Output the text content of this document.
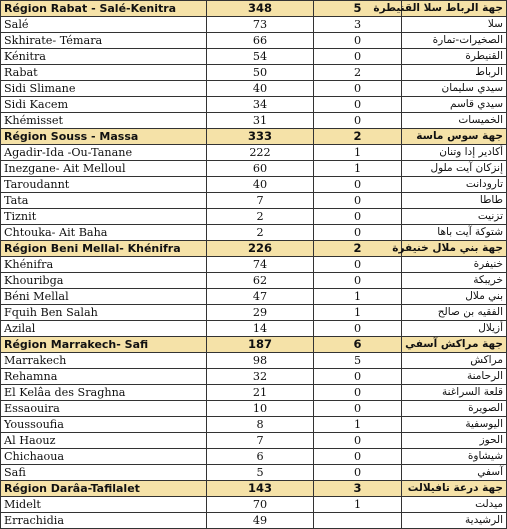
Région Rabat - Salé-Kenitra	348	5	جهة الرباط سلا القنيطرة
Salé	73	3	سلا
Skhirate- Témara	66	0	الصخيرات-تمارة
Kénitra	54	0	القنيطرة
Rabat	50	2	الرباط
Sidi Slimane	40	0	سيدي سليمان
Sidi Kacem	34	0	سيدي قاسم
Khémisset	31	0	الخميسات
Région Souss - Massa	333	2	جهة سوس ماسة
Agadir-Ida -Ou-Tanane	222	1	أكادير إدا وتنان
Inezgane- Ait Melloul	60	1	إنزكان آيت ملول
Taroudannt	40	0	تارودانت
Tata	7	0	طاطا
Tiznit	2	0	تزنيت
Chtouka- Ait Baha	2	0	شتوكة آيت باها
Région Beni Mellal- Khénifra	226	2	جهة بني ملال خنيفرة
Khénifra	74	0	خنيفرة
Khouribga	62	0	خريبكة
Béni Mellal	47	1	بني ملال
Fquih Ben Salah	29	1	الفقيه بن صالح
Azilal	14	0	أزيلال
Région Marrakech- Safi	187	6	جهة مراكش آسفي
Marrakech	98	5	مراكش
Rehamna	32	0	الرحامنة
El Kelâa des Sraghna	21	0	قلعة السراغنة
Essaouira	10	0	الصويرة
Youssoufia	8	1	اليوسفية
Al Haouz	7	0	الحوز
Chichaoua	6	0	شيشاوة
Safi	5	0	آسفي
Région Darâa-Tafilalet	143	3	جهة درعة تافيلالت
Midelt	70	1	ميدلت
Errachidia	49		الرشيدية
